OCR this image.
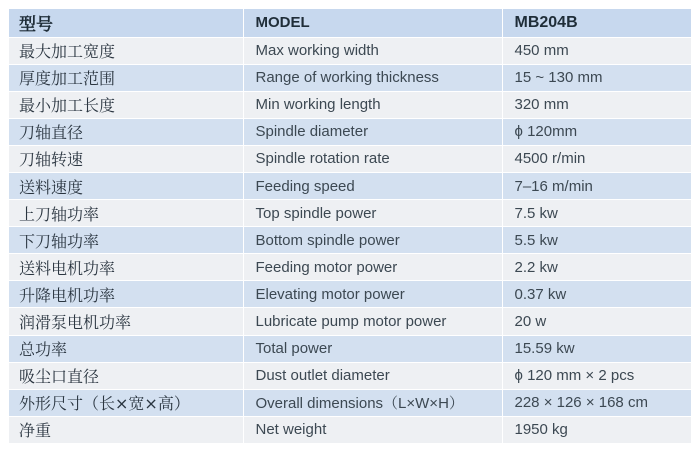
型号	MODEL	MB204B
最大加工宽度	Max working width	450 mm
厚度加工范围	Range of working thickness	15 ~ 130 mm
最小加工长度	Min working length	320 mm
刀轴直径	Spindle diameter	ϕ 120mm
刀轴转速	Spindle rotation rate	4500 r/min
送料速度	Feeding speed	7–16 m/min
上刀轴功率	Top spindle power	7.5 kw
下刀轴功率	Bottom spindle power	5.5 kw
送料电机功率	Feeding motor power	2.2 kw
升降电机功率	Elevating motor power	0.37 kw
润滑泵电机功率	Lubricate pump motor power	20 w
总功率	Total power	15.59 kw
吸尘口直径	Dust outlet diameter	ϕ 120 mm × 2 pcs
外形尺寸（长×宽×高）	Overall dimensions（L×W×H）	228 × 126 × 168 cm
净重	Net weight	1950 kg
